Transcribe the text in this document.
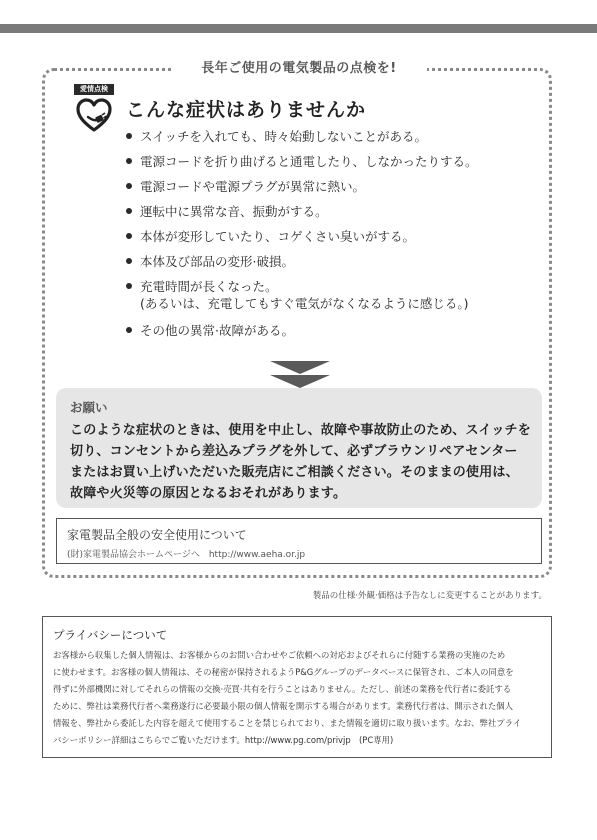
長年ご使用の電気製品の点検を!
愛情点検
こんな症状はありませんか
スイッチを入れても、時々始動しないことがある。
電源コードを折り曲げると通電したり、しなかったりする。
電源コードや電源プラグが異常に熱い。
運転中に異常な音、振動がする。
本体が変形していたり、コゲくさい臭いがする。
本体及び部品の変形·破損。
充電時間が長くなった。
(あるいは、充電してもすぐ電気がなくなるように感じる。)
その他の異常·故障がある。
お願い
このような症状のときは、使用を中止し、故障や事故防止のため、スイッチを
切り、コンセントから差込みプラグを外して、必ずブラウンリペアセンター
またはお買い上げいただいた販売店にご相談ください。そのままの使用は、
故障や火災等の原因となるおそれがあります。
家電製品全般の安全使用について
(財)家電製品協会ホームページへ　http://www.aeha.or.jp
製品の仕様·外観·価格は予告なしに変更することがあります。
プライバシーについて
お客様から収集した個人情報は、お客様からのお問い合わせやご依頼への対応およびそれらに付随する業務の実施のため
に使わせます。お客様の個人情報は、その秘密が保持されるようP&Gグループのデータベースに保管され、ご本人の同意を
得ずに外部機関に対してそれらの情報の交換·売買·共有を行うことはありません。ただし、前述の業務を代行者に委託する
ために、弊社は業務代行者へ業務遂行に必要最小限の個人情報を開示する場合があります。業務代行者は、開示された個人
情報を、弊社から委託した内容を超えて使用することを禁じられており、また情報を適切に取り扱います。なお、弊社プライ
バシーポリシー詳細はこちらでご覧いただけます。http://www.pg.com/privjp　(PC専用)
